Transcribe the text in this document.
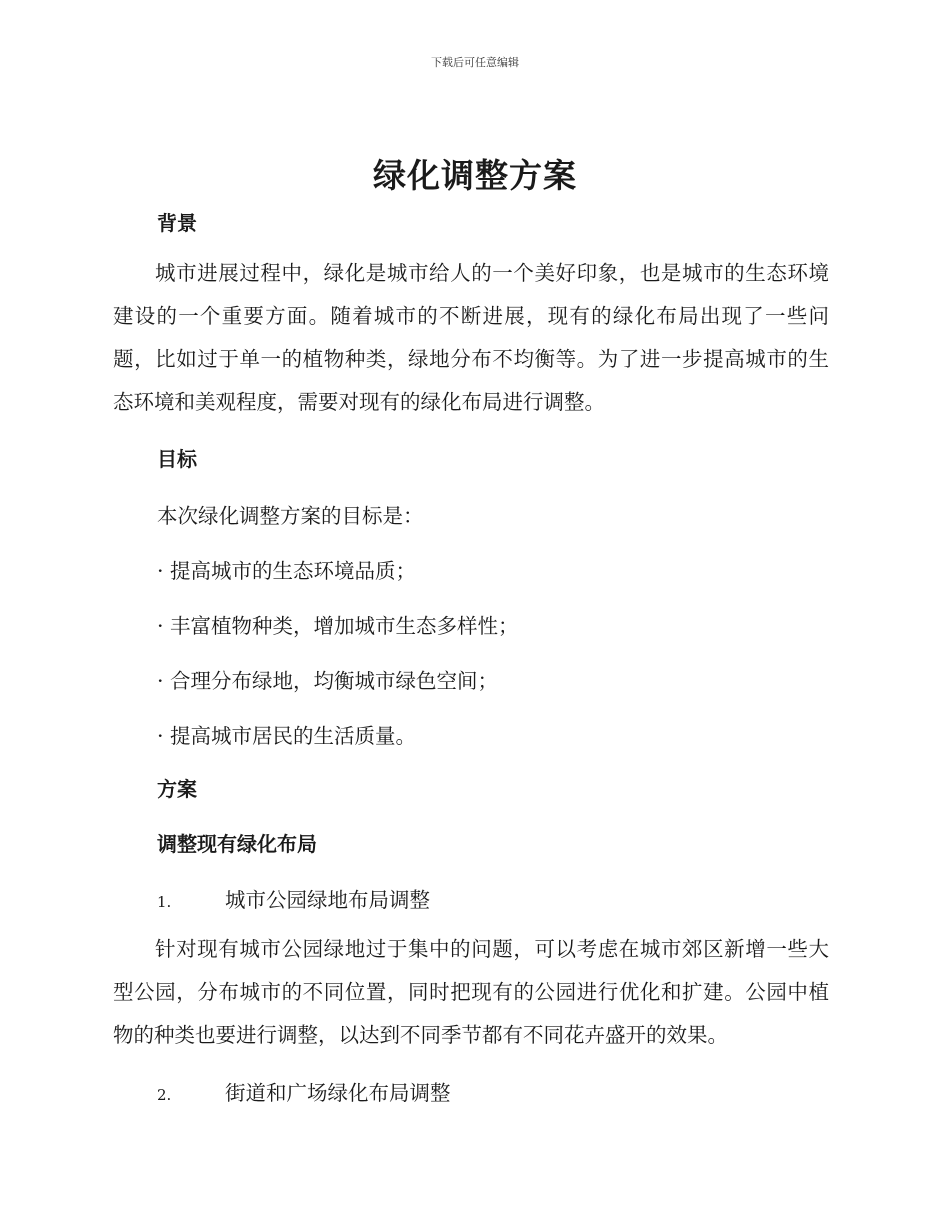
下载后可任意编辑
绿化调整方案
背景
城市进展过程中，绿化是城市给人的一个美好印象，也是城市的生态环境建设的一个重要方面。随着城市的不断进展，现有的绿化布局出现了一些问题，比如过于单一的植物种类，绿地分布不均衡等。为了进一步提高城市的生态环境和美观程度，需要对现有的绿化布局进行调整。
目标
本次绿化调整方案的目标是：
· 提高城市的生态环境品质；
· 丰富植物种类，增加城市生态多样性；
· 合理分布绿地，均衡城市绿色空间；
· 提高城市居民的生活质量。
方案
调整现有绿化布局
1.	城市公园绿地布局调整
针对现有城市公园绿地过于集中的问题，可以考虑在城市郊区新增一些大型公园，分布城市的不同位置，同时把现有的公园进行优化和扩建。公园中植物的种类也要进行调整，以达到不同季节都有不同花卉盛开的效果。
2.	街道和广场绿化布局调整
